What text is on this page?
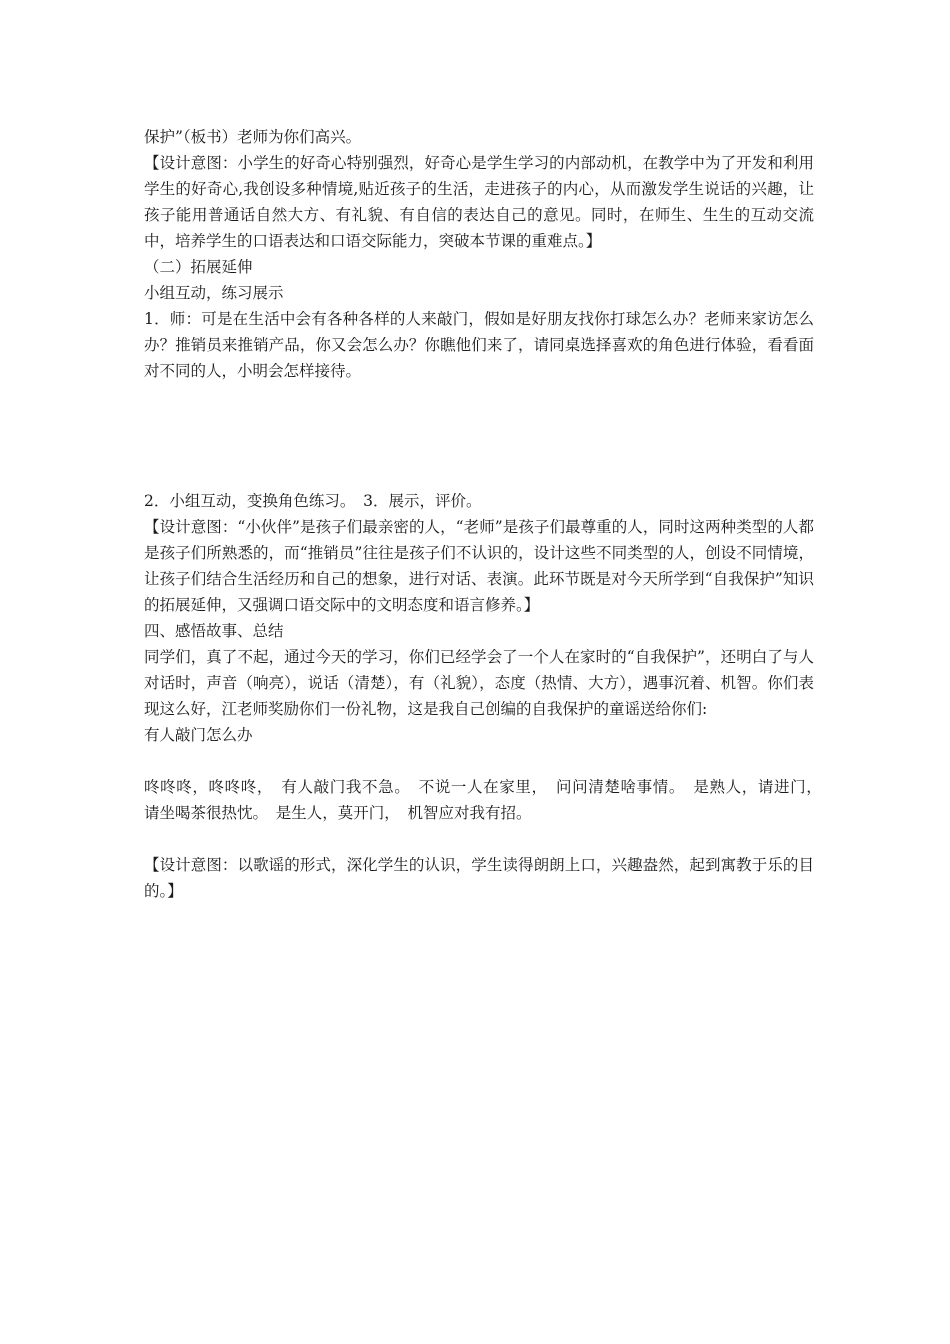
保护”（板书）老师为你们高兴。

【设计意图：小学生的好奇心特别强烈，好奇心是学生学习的内部动机，在教学中为了开发和利用学生的好奇心,我创设多种情境,贴近孩子的生活，走进孩子的内心，从而激发学生说话的兴趣，让孩子能用普通话自然大方、有礼貌、有自信的表达自己的意见。同时，在师生、生生的互动交流中，培养学生的口语表达和口语交际能力，突破本节课的重难点。】

（二）拓展延伸

小组互动，练习展示

1．师：可是在生活中会有各种各样的人来敲门，假如是好朋友找你打球怎么办？老师来家访怎么办？推销员来推销产品，你又会怎么办？你瞧他们来了，请同桌选择喜欢的角色进行体验，看看面对不同的人，小明会怎样接待。

2．小组互动，变换角色练习。　3．展示，评价。

【设计意图：“小伙伴”是孩子们最亲密的人，“老师”是孩子们最尊重的人，同时这两种类型的人都是孩子们所熟悉的，而“推销员”往往是孩子们不认识的，设计这些不同类型的人，创设不同情境，让孩子们结合生活经历和自己的想象，进行对话、表演。此环节既是对今天所学到“自我保护”知识的拓展延伸，又强调口语交际中的文明态度和语言修养。】

四、感悟故事、总结

同学们，真了不起，通过今天的学习，你们已经学会了一个人在家时的“自我保护”，还明白了与人对话时，声音（响亮），说话（清楚），有（礼貌），态度（热情、大方），遇事沉着、机智。你们表现这么好，江老师奖励你们一份礼物，这是我自己创编的自我保护的童谣送给你们:

有人敲门怎么办

咚咚咚，咚咚咚，　有人敲门我不急。　不说一人在家里，　问问清楚啥事情。　是熟人，请进门，　请坐喝茶很热忱。　是生人，莫开门，　机智应对我有招。

【设计意图：以歌谣的形式，深化学生的认识，学生读得朗朗上口，兴趣盎然，起到寓教于乐的目的。】
